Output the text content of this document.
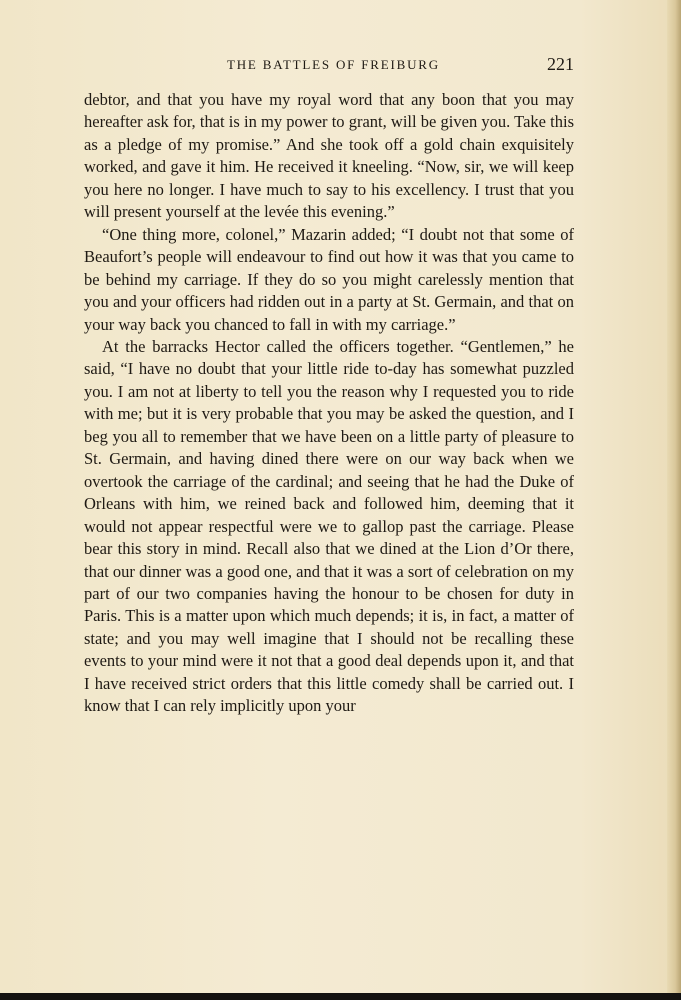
THE BATTLES OF FREIBURG	221

debtor, and that you have my royal word that any boon that you may hereafter ask for, that is in my power to grant, will be given you. Take this as a pledge of my promise.” And she took off a gold chain exquisitely worked, and gave it him. He received it kneeling. “Now, sir, we will keep you here no longer. I have much to say to his excellency. I trust that you will present yourself at the levée this evening.”

“One thing more, colonel,” Mazarin added; “I doubt not that some of Beaufort’s people will endeavour to find out how it was that you came to be behind my carriage. If they do so you might carelessly mention that you and your officers had ridden out in a party at St. Germain, and that on your way back you chanced to fall in with my carriage.”

At the barracks Hector called the officers together. “Gentlemen,” he said, “I have no doubt that your little ride to-day has somewhat puzzled you. I am not at liberty to tell you the reason why I requested you to ride with me; but it is very probable that you may be asked the question, and I beg you all to remember that we have been on a little party of pleasure to St. Germain, and having dined there were on our way back when we overtook the carriage of the cardinal; and seeing that he had the Duke of Orleans with him, we reined back and followed him, deeming that it would not appear respectful were we to gallop past the carriage. Please bear this story in mind. Recall also that we dined at the Lion d’Or there, that our dinner was a good one, and that it was a sort of celebration on my part of our two companies having the honour to be chosen for duty in Paris. This is a matter upon which much depends; it is, in fact, a matter of state; and you may well imagine that I should not be recalling these events to your mind were it not that a good deal depends upon it, and that I have received strict orders that this little comedy shall be carried out. I know that I can rely implicitly upon your
